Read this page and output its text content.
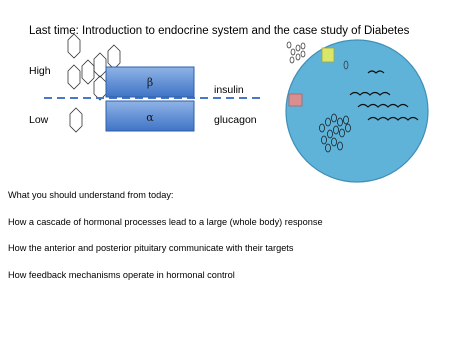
Last time: Introduction to endocrine system and the case study of Diabetes
β
α
High
Low
insulin
glucagon
What you should understand from today:
How a cascade of hormonal processes lead to a large (whole body) response
How the anterior and posterior pituitary communicate with their targets
How feedback mechanisms operate in hormonal control
